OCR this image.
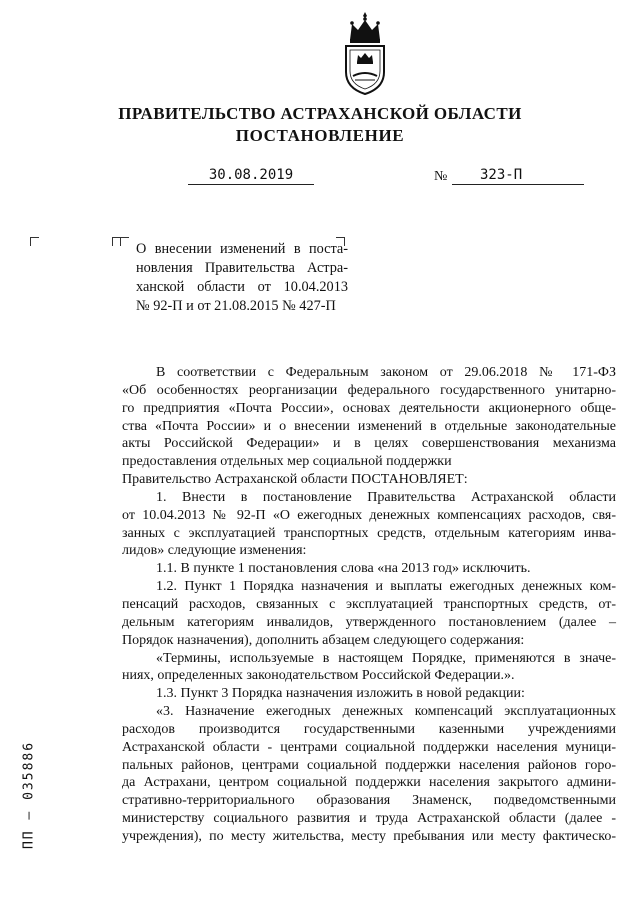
ПРАВИТЕЛЬСТВО АСТРАХАНСКОЙ ОБЛАСТИ
ПОСТАНОВЛЕНИЕ
30.08.2019	№	323-П
О внесении изменений в поста-
новления Правительства Астра-
ханской области от 10.04.2013
№ 92-П и от 21.08.2015 № 427-П
В соответствии с Федеральным законом от 29.06.2018 № 171-ФЗ
«Об особенностях реорганизации федерального государственного унитарно-
го предприятия «Почта России», основах деятельности акционерного обще-
ства «Почта России» и о внесении изменений в отдельные законодательные
акты Российской Федерации» и в целях совершенствования механизма
предоставления отдельных мер социальной поддержки
Правительство Астраханской области ПОСТАНОВЛЯЕТ:
1. Внести в постановление Правительства Астраханской области
от 10.04.2013 № 92-П «О ежегодных денежных компенсациях расходов, свя-
занных с эксплуатацией транспортных средств, отдельным категориям инва-
лидов» следующие изменения:
1.1. В пункте 1 постановления слова «на 2013 год» исключить.
1.2. Пункт 1 Порядка назначения и выплаты ежегодных денежных ком-
пенсаций расходов, связанных с эксплуатацией транспортных средств, от-
дельным категориям инвалидов, утвержденного постановлением (далее –
Порядок назначения), дополнить абзацем следующего содержания:
«Термины, используемые в настоящем Порядке, применяются в значе-
ниях, определенных законодательством Российской Федерации.».
1.3. Пункт 3 Порядка назначения изложить в новой редакции:
«3. Назначение ежегодных денежных компенсаций эксплуатационных
расходов производится государственными казенными учреждениями
Астраханской области - центрами социальной поддержки населения муници-
пальных районов, центрами социальной поддержки населения районов горо-
да Астрахани, центром социальной поддержки населения закрытого админи-
стративно-территориального образования Знаменск, подведомственными
министерству социального развития и труда Астраханской области (далее -
учреждения), по месту жительства, месту пребывания или месту фактическо-
ПП – 035886
